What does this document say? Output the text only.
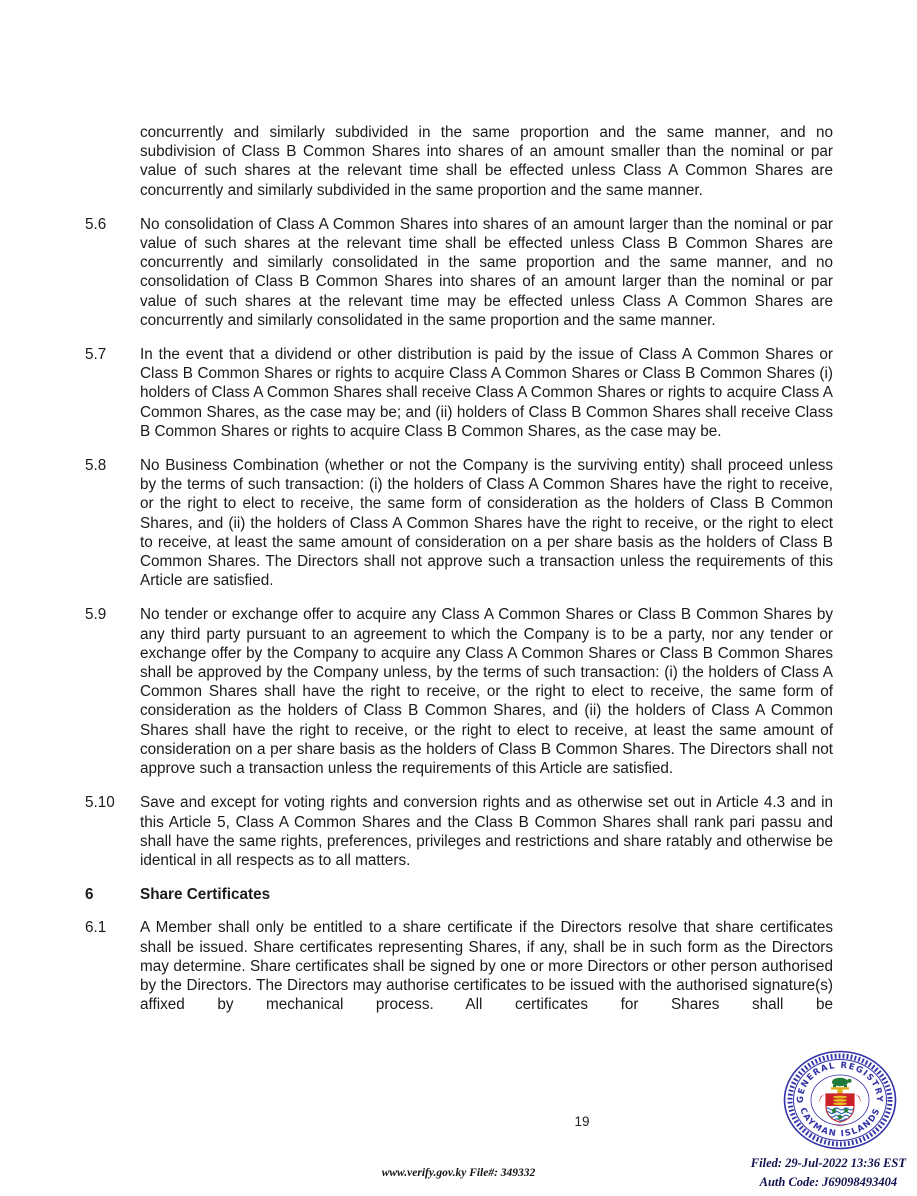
concurrently and similarly subdivided in the same proportion and the same manner, and no subdivision of Class B Common Shares into shares of an amount smaller than the nominal or par value of such shares at the relevant time shall be effected unless Class A Common Shares are concurrently and similarly subdivided in the same proportion and the same manner.
5.6	No consolidation of Class A Common Shares into shares of an amount larger than the nominal or par value of such shares at the relevant time shall be effected unless Class B Common Shares are concurrently and similarly consolidated in the same proportion and the same manner, and no consolidation of Class B Common Shares into shares of an amount larger than the nominal or par value of such shares at the relevant time may be effected unless Class A Common Shares are concurrently and similarly consolidated in the same proportion and the same manner.
5.7	In the event that a dividend or other distribution is paid by the issue of Class A Common Shares or Class B Common Shares or rights to acquire Class A Common Shares or Class B Common Shares (i) holders of Class A Common Shares shall receive Class A Common Shares or rights to acquire Class A Common Shares, as the case may be; and (ii) holders of Class B Common Shares shall receive Class B Common Shares or rights to acquire Class B Common Shares, as the case may be.
5.8	No Business Combination (whether or not the Company is the surviving entity) shall proceed unless by the terms of such transaction: (i) the holders of Class A Common Shares have the right to receive, or the right to elect to receive, the same form of consideration as the holders of Class B Common Shares, and (ii) the holders of Class A Common Shares have the right to receive, or the right to elect to receive, at least the same amount of consideration on a per share basis as the holders of Class B Common Shares. The Directors shall not approve such a transaction unless the requirements of this Article are satisfied.
5.9	No tender or exchange offer to acquire any Class A Common Shares or Class B Common Shares by any third party pursuant to an agreement to which the Company is to be a party, nor any tender or exchange offer by the Company to acquire any Class A Common Shares or Class B Common Shares shall be approved by the Company unless, by the terms of such transaction: (i) the holders of Class A Common Shares shall have the right to receive, or the right to elect to receive, the same form of consideration as the holders of Class B Common Shares, and (ii) the holders of Class A Common Shares shall have the right to receive, or the right to elect to receive, at least the same amount of consideration on a per share basis as the holders of Class B Common Shares. The Directors shall not approve such a transaction unless the requirements of this Article are satisfied.
5.10	Save and except for voting rights and conversion rights and as otherwise set out in Article 4.3 and in this Article 5, Class A Common Shares and the Class B Common Shares shall rank pari passu and shall have the same rights, preferences, privileges and restrictions and share ratably and otherwise be identical in all respects as to all matters.
6	Share Certificates
6.1	A Member shall only be entitled to a share certificate if the Directors resolve that share certificates shall be issued. Share certificates representing Shares, if any, shall be in such form as the Directors may determine. Share certificates shall be signed by one or more Directors or other person authorised by the Directors. The Directors may authorise certificates to be issued with the authorised signature(s) affixed by mechanical process. All certificates for Shares shall be
19
www.verify.gov.ky File#: 349332
Filed: 29-Jul-2022 13:36 EST
Auth Code: J69098493404
GENERAL REGISTRY
CAYMAN ISLANDS
